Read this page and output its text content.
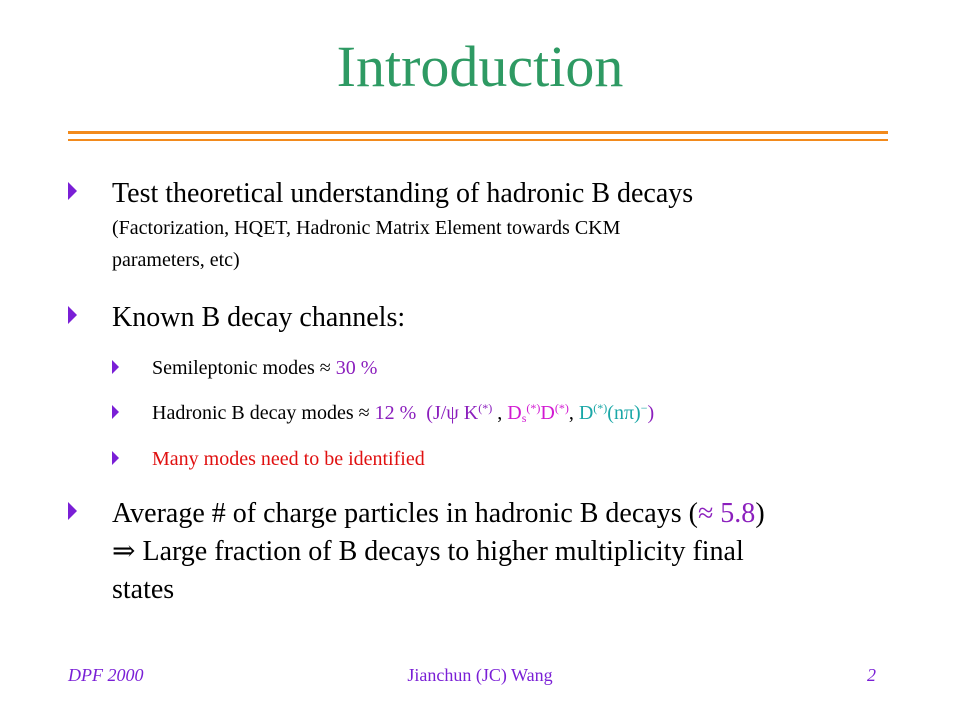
Introduction
Test theoretical understanding of hadronic B decays
(Factorization, HQET, Hadronic Matrix Element towards CKM
parameters, etc)
Known B decay channels:
Semileptonic modes ≈ 30 %
Hadronic B decay modes ≈ 12 % (J/ψ K(*) , $D_s^{(*)}D^{(*)}$, D(*)(nπ)−)
Many modes need to be identified
Average # of charge particles in hadronic B decays (≈ 5.8)
⇒ Large fraction of B decays to higher multiplicity final
states
DPF 2000	Jianchun (JC) Wang	2
